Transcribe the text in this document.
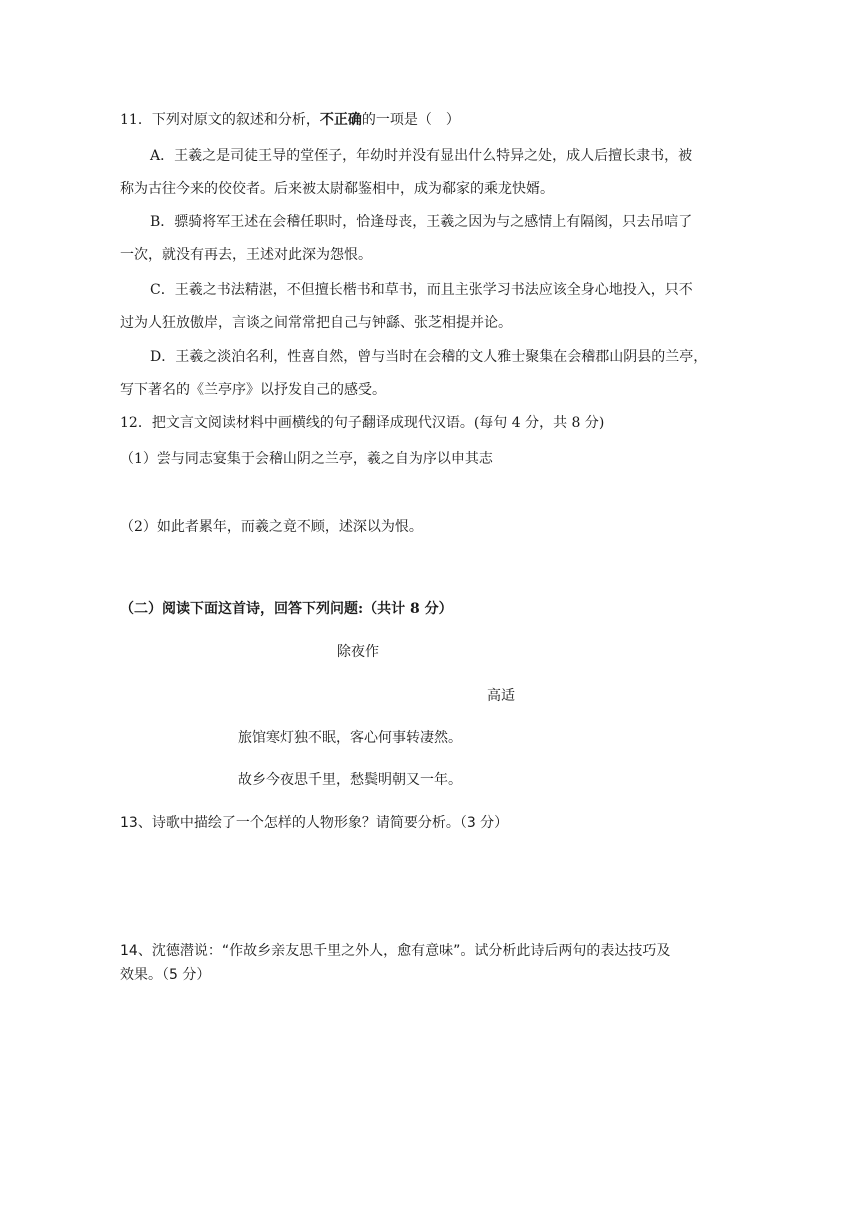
11．下列对原文的叙述和分析，不正确的一项是（　）
A．王羲之是司徒王导的堂侄子，年幼时并没有显出什么特异之处，成人后擅长隶书，被
称为古往今来的佼佼者。后来被太尉郗鉴相中，成为郗家的乘龙快婿。
B．骠骑将军王述在会稽任职时，恰逢母丧，王羲之因为与之感情上有隔阂，只去吊唁了
一次，就没有再去，王述对此深为怨恨。
C．王羲之书法精湛，不但擅长楷书和草书，而且主张学习书法应该全身心地投入，只不
过为人狂放傲岸，言谈之间常常把自己与钟繇、张芝相提并论。
D．王羲之淡泊名利，性喜自然，曾与当时在会稽的文人雅士聚集在会稽郡山阴县的兰亭，
写下著名的《兰亭序》以抒发自己的感受。
12．把文言文阅读材料中画横线的句子翻译成现代汉语。(每句 4 分，共 8 分)
（1）尝与同志宴集于会稽山阴之兰亭，羲之自为序以申其志
（2）如此者累年，而羲之竟不顾，述深以为恨。
（二）阅读下面这首诗，回答下列问题:（共计 8 分）
除夜作
高适
旅馆寒灯独不眠，客心何事转凄然。
故乡今夜思千里，愁鬓明朝又一年。
13、诗歌中描绘了一个怎样的人物形象？请简要分析。（3 分）
14、沈德潜说：“作故乡亲友思千里之外人，愈有意味”。试分析此诗后两句的表达技巧及
效果。（5 分）
